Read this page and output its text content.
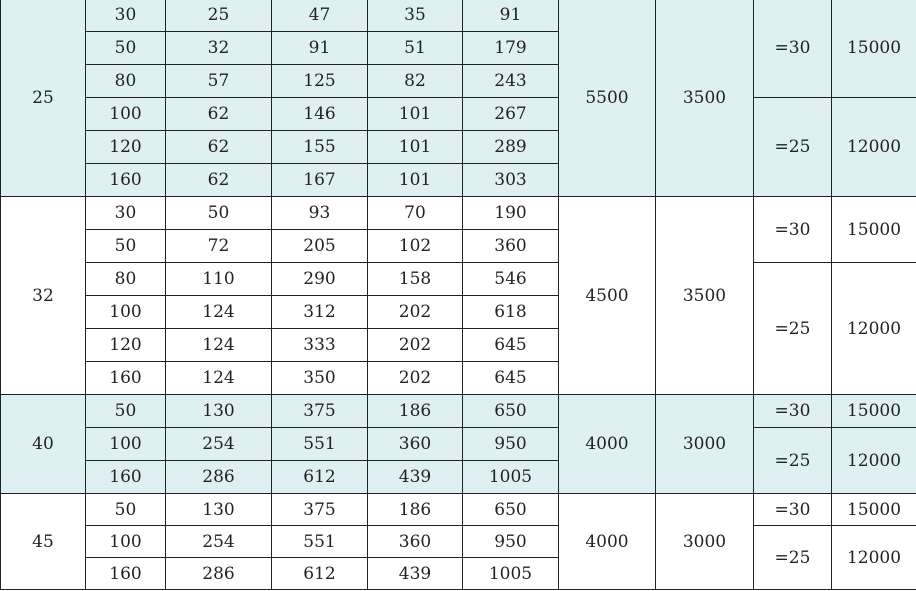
25	30	25	47	35	91	5500	3500	=30	15000
	50	32	91	51	179				
	80	57	125	82	243				
	100	62	146	101	267			=25	12000
	120	62	155	101	289				
	160	62	167	101	303				
32	30	50	93	70	190	4500	3500	=30	15000
	50	72	205	102	360				
	80	110	290	158	546			=25	12000
	100	124	312	202	618				
	120	124	333	202	645				
	160	124	350	202	645				
40	50	130	375	186	650	4000	3000	=30	15000
	100	254	551	360	950			=25	12000
	160	286	612	439	1005				
45	50	130	375	186	650	4000	3000	=30	15000
	100	254	551	360	950			=25	12000
	160	286	612	439	1005				
